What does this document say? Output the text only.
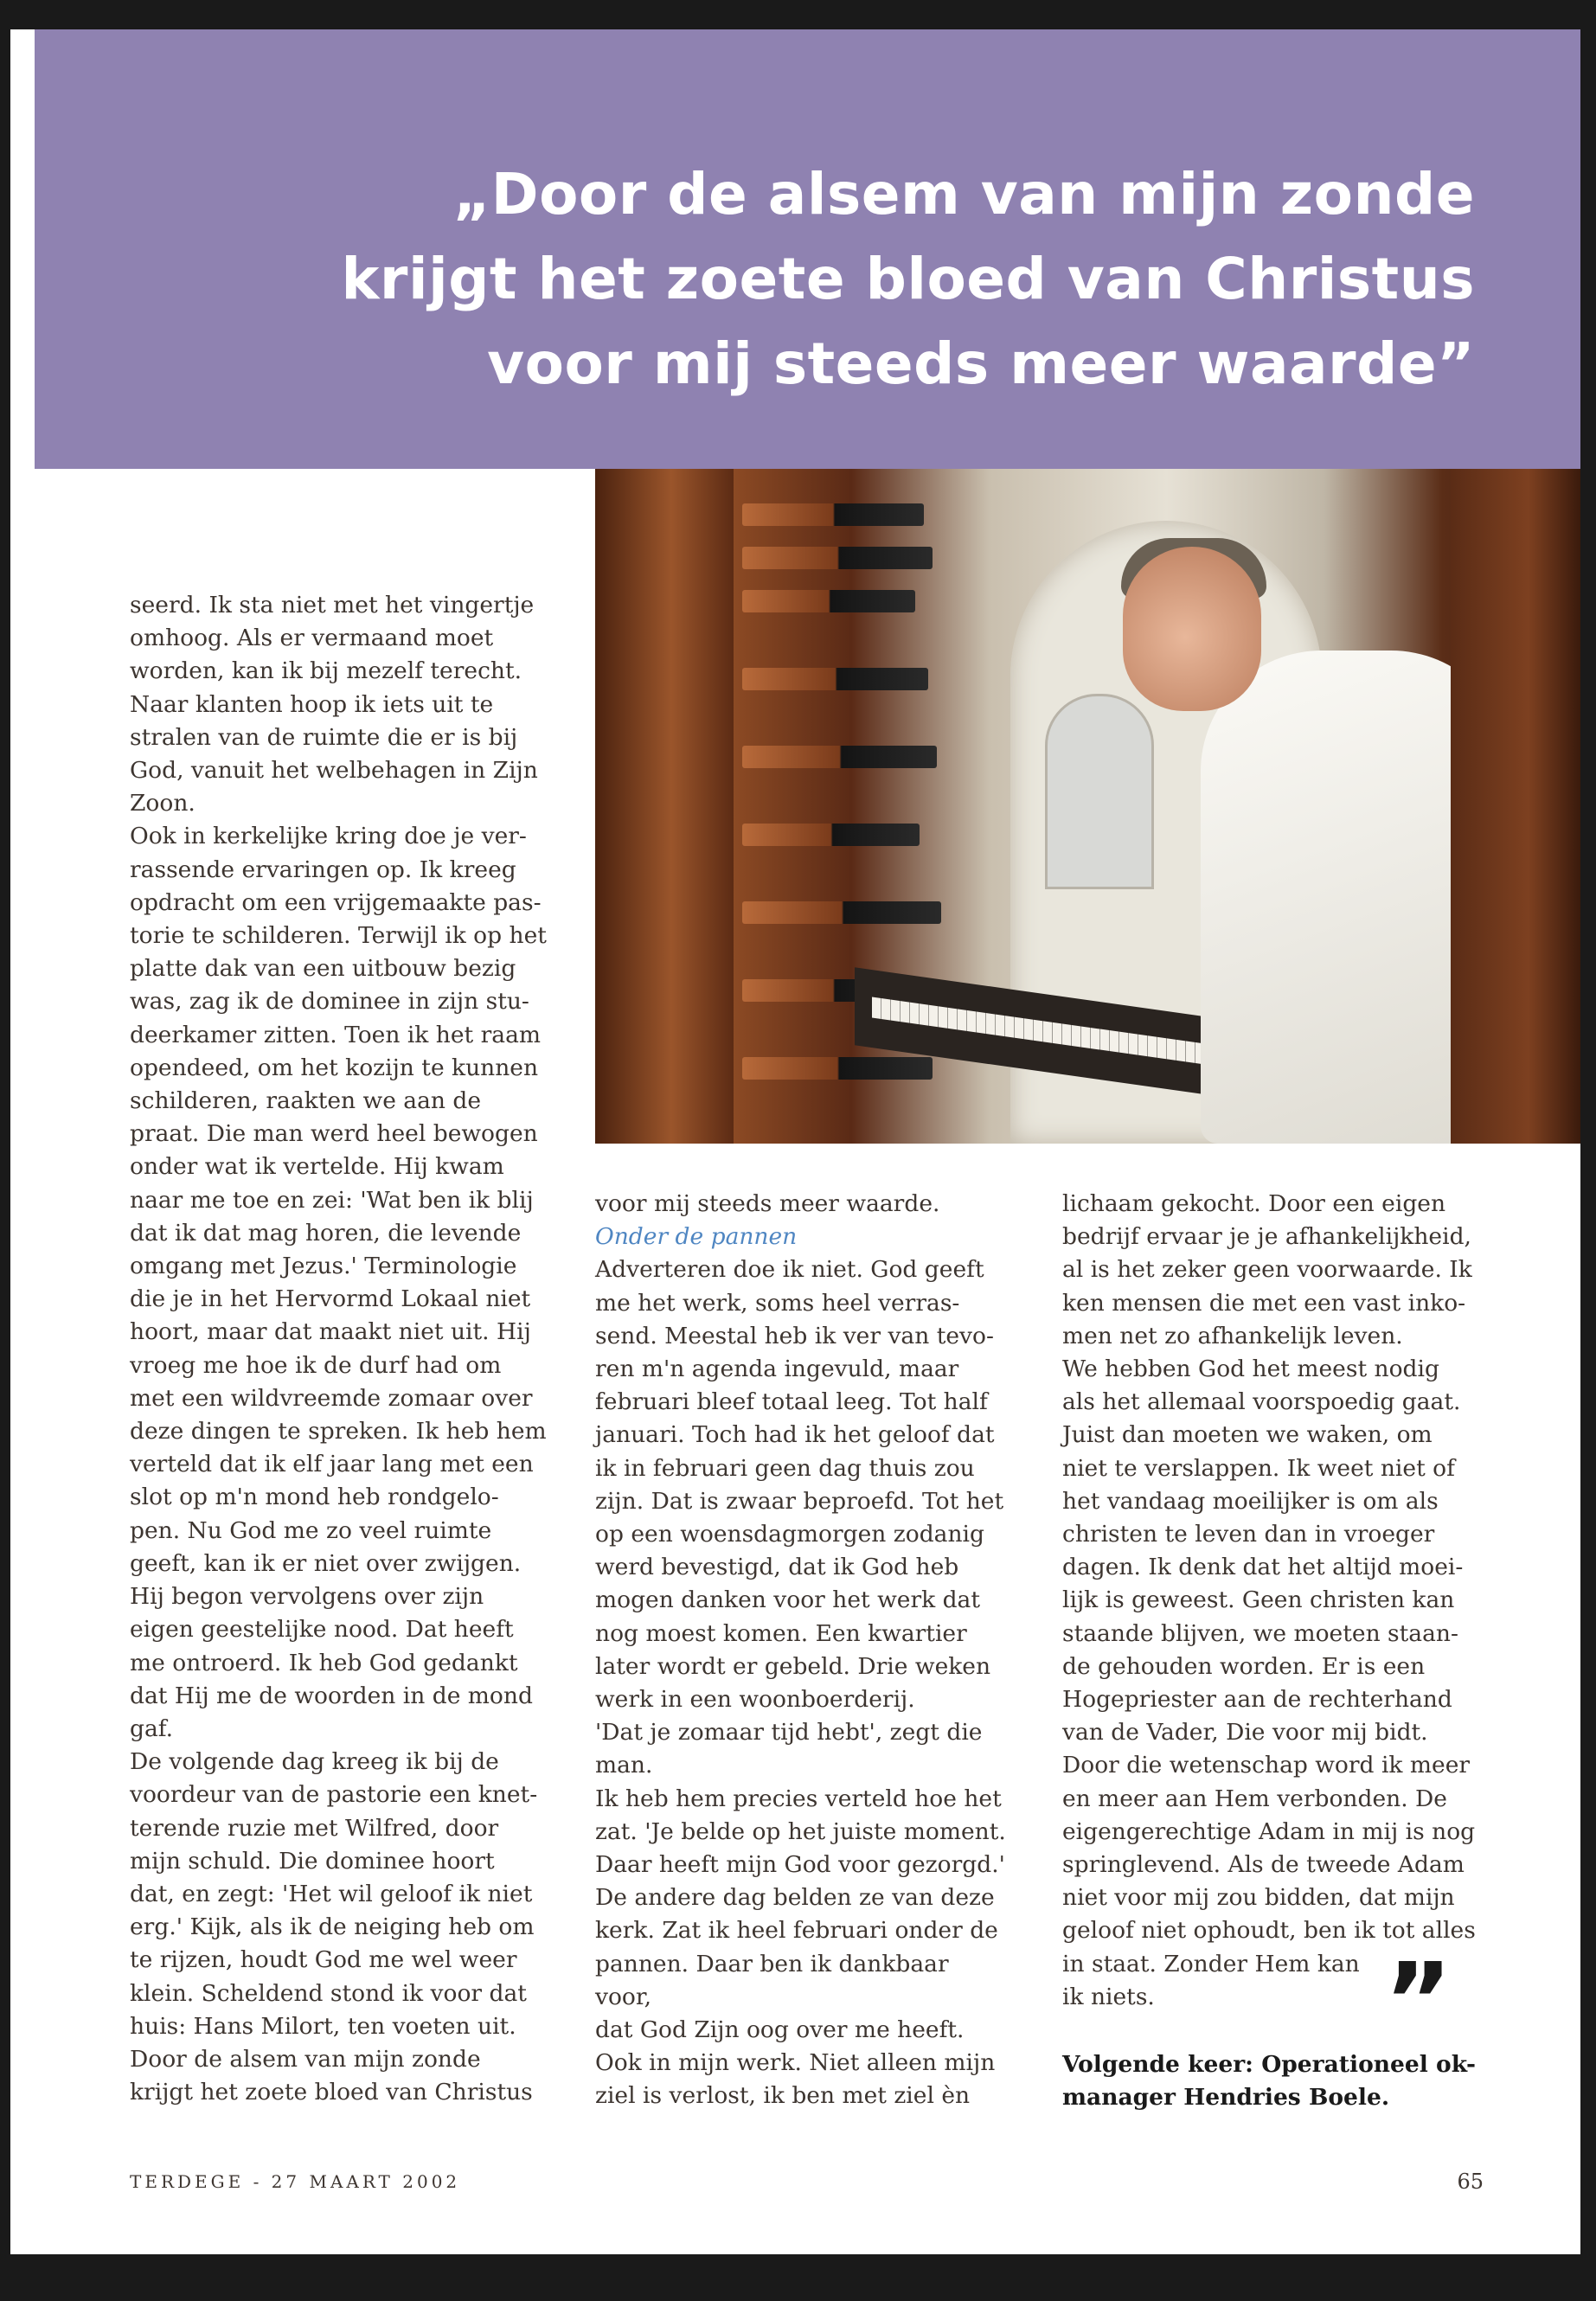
„Door de alsem van mijn zonde
krijgt het zoete bloed van Christus
voor mij steeds meer waarde”

seerd. Ik sta niet met het vingertje

omhoog. Als er vermaand moet

worden, kan ik bij mezelf terecht.

Naar klanten hoop ik iets uit te

stralen van de ruimte die er is bij

God, vanuit het welbehagen in Zijn

Zoon.

Ook in kerkelijke kring doe je ver-

rassende ervaringen op. Ik kreeg

opdracht om een vrijgemaakte pas-

torie te schilderen. Terwijl ik op het

platte dak van een uitbouw bezig

was, zag ik de dominee in zijn stu-

deerkamer zitten. Toen ik het raam

opendeed, om het kozijn te kunnen

schilderen, raakten we aan de

praat. Die man werd heel bewogen

onder wat ik vertelde. Hij kwam

naar me toe en zei: 'Wat ben ik blij

dat ik dat mag horen, die levende

omgang met Jezus.' Terminologie

die je in het Hervormd Lokaal niet

hoort, maar dat maakt niet uit. Hij

vroeg me hoe ik de durf had om

met een wildvreemde zomaar over

deze dingen te spreken. Ik heb hem

verteld dat ik elf jaar lang met een

slot op m'n mond heb rondgelo-

pen. Nu God me zo veel ruimte

geeft, kan ik er niet over zwijgen.

Hij begon vervolgens over zijn

eigen geestelijke nood. Dat heeft

me ontroerd. Ik heb God gedankt

dat Hij me de woorden in de mond

gaf.

De volgende dag kreeg ik bij de

voordeur van de pastorie een knet-

terende ruzie met Wilfred, door

mijn schuld. Die dominee hoort

dat, en zegt: 'Het wil geloof ik niet

erg.' Kijk, als ik de neiging heb om

te rijzen, houdt God me wel weer

klein. Scheldend stond ik voor dat

huis: Hans Milort, ten voeten uit.

Door de alsem van mijn zonde

krijgt het zoete bloed van Christus

voor mij steeds meer waarde.

Onder de pannen

Adverteren doe ik niet. God geeft

me het werk, soms heel verras-

send. Meestal heb ik ver van tevo-

ren m'n agenda ingevuld, maar

februari bleef totaal leeg. Tot half

januari. Toch had ik het geloof dat

ik in februari geen dag thuis zou

zijn. Dat is zwaar beproefd. Tot het

op een woensdagmorgen zodanig

werd bevestigd, dat ik God heb

mogen danken voor het werk dat

nog moest komen. Een kwartier

later wordt er gebeld. Drie weken

werk in een woonboerderij.

'Dat je zomaar tijd hebt', zegt die

man.

Ik heb hem precies verteld hoe het

zat. 'Je belde op het juiste moment.

Daar heeft mijn God voor gezorgd.'

De andere dag belden ze van deze

kerk. Zat ik heel februari onder de

pannen. Daar ben ik dankbaar voor,

dat God Zijn oog over me heeft.

Ook in mijn werk. Niet alleen mijn

ziel is verlost, ik ben met ziel èn

lichaam gekocht. Door een eigen

bedrijf ervaar je je afhankelijkheid,

al is het zeker geen voorwaarde. Ik

ken mensen die met een vast inko-

men net zo afhankelijk leven.

We hebben God het meest nodig

als het allemaal voorspoedig gaat.

Juist dan moeten we waken, om

niet te verslappen. Ik weet niet of

het vandaag moeilijker is om als

christen te leven dan in vroeger

dagen. Ik denk dat het altijd moei-

lijk is geweest. Geen christen kan

staande blijven, we moeten staan-

de gehouden worden. Er is een

Hogepriester aan de rechterhand

van de Vader, Die voor mij bidt.

Door die wetenschap word ik meer

en meer aan Hem verbonden. De

eigengerechtige Adam in mij is nog

springlevend. Als de tweede Adam

niet voor mij zou bidden, dat mijn

geloof niet ophoudt, ben ik tot alles

in staat. Zonder Hem kan

ik niets.	”
Volgende keer: Operationeel ok-
manager Hendries Boele.
TERDEGE - 27 MAART 2002	65
